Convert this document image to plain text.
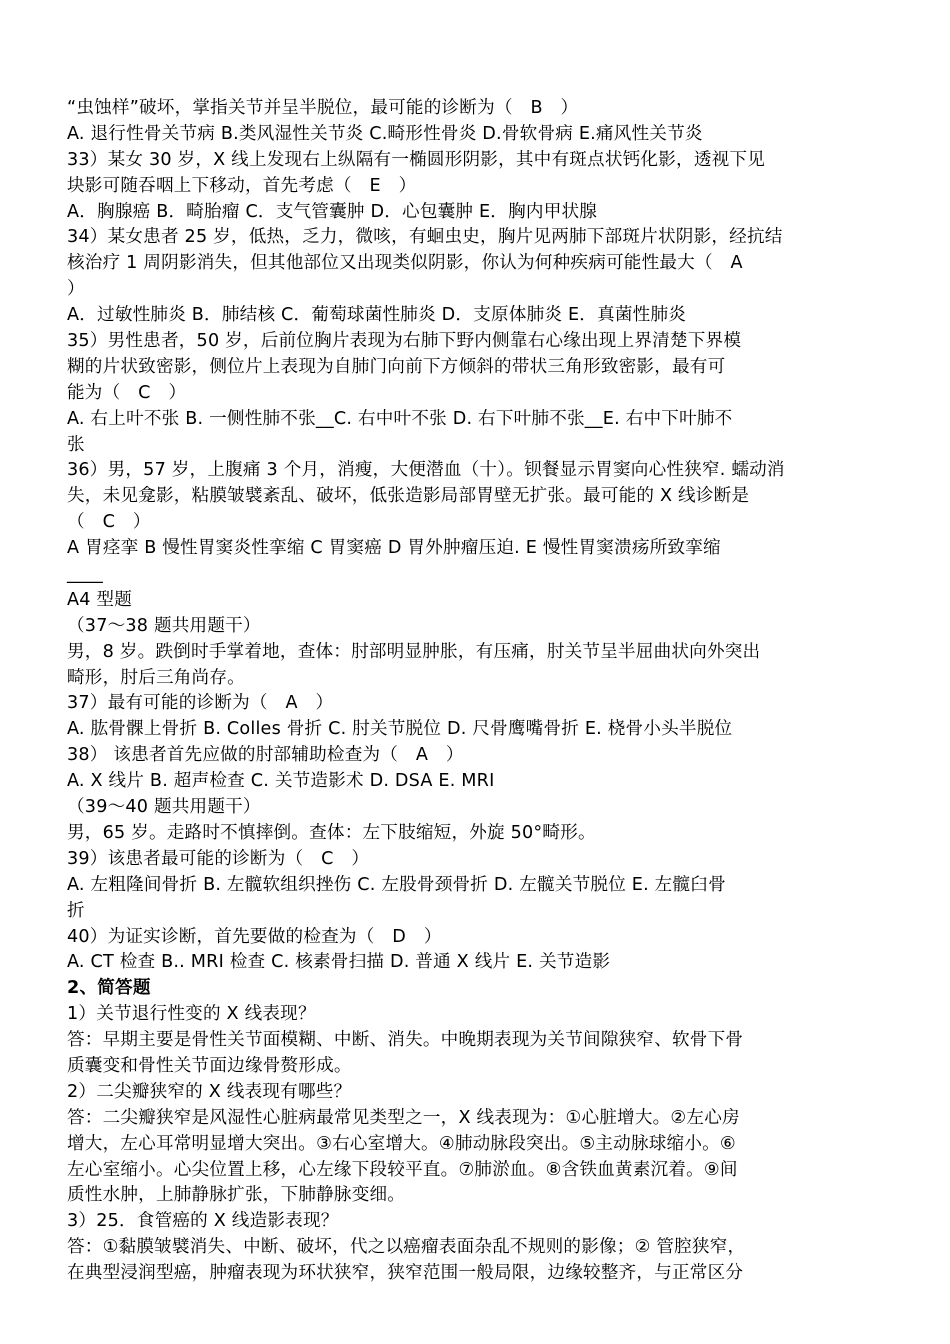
“虫蚀样”破坏，掌指关节并呈半脱位，最可能的诊断为（　B　）
A. 退行性骨关节病 B.类风湿性关节炎 C.畸形性骨炎 D.骨软骨病 E.痛风性关节炎
33）某女 30 岁，X 线上发现右上纵隔有一椭圆形阴影，其中有斑点状钙化影，透视下见
块影可随吞咽上下移动，首先考虑（　E　）
A．胸腺癌 B．畸胎瘤 C．支气管囊肿 D．心包囊肿 E．胸内甲状腺
34）某女患者 25 岁，低热，乏力，微咳，有蛔虫史，胸片见两肺下部斑片状阴影，经抗结
核治疗 1 周阴影消失，但其他部位又出现类似阴影，你认为何种疾病可能性最大（　A
）
A．过敏性肺炎 B．肺结核 C．葡萄球菌性肺炎 D．支原体肺炎 E．真菌性肺炎
35）男性患者，50 岁，后前位胸片表现为右肺下野内侧靠右心缘出现上界清楚下界模
糊的片状致密影，侧位片上表现为自肺门向前下方倾斜的带状三角形致密影，最有可
能为（　C　）
A. 右上叶不张 B. 一侧性肺不张__C. 右中叶不张 D. 右下叶肺不张__E. 右中下叶肺不
张
36）男，57 岁，上腹痛 3 个月，消瘦，大便潜血（十）。钡餐显示胃窦向心性狭窄. 蠕动消
失，未见龛影，粘膜皱襞紊乱、破坏，低张造影局部胃壁无扩张。最可能的 X 线诊断是
（　C　）
A 胃痉挛 B 慢性胃窦炎性挛缩 C 胃窦癌 D 胃外肿瘤压迫. E 慢性胃窦溃疡所致挛缩
____
A4 型题
（37～38 题共用题干）
男，8 岁。跌倒时手掌着地，查体：肘部明显肿胀，有压痛，肘关节呈半屈曲状向外突出
畸形，肘后三角尚存。
37）最有可能的诊断为（　A　）
A. 肱骨髁上骨折 B. Colles 骨折 C. 肘关节脱位 D. 尺骨鹰嘴骨折 E. 桡骨小头半脱位
38） 该患者首先应做的肘部辅助检查为（　A　）
A. X 线片 B. 超声检查 C. 关节造影术 D. DSA E. MRI
（39～40 题共用题干）
男，65 岁。走路时不慎摔倒。查体：左下肢缩短，外旋 50°畸形。
39）该患者最可能的诊断为（　C　）
A. 左粗隆间骨折 B. 左髋软组织挫伤 C. 左股骨颈骨折 D. 左髋关节脱位 E. 左髋臼骨
折
40）为证实诊断，首先要做的检查为（　D　）
A. CT 检查 B.. MRI 检查 C. 核素骨扫描 D. 普通 X 线片 E. 关节造影
2、简答题
1）关节退行性变的 X 线表现？
答：早期主要是骨性关节面模糊、中断、消失。中晚期表现为关节间隙狭窄、软骨下骨
质囊变和骨性关节面边缘骨赘形成。
2）二尖瓣狭窄的 X 线表现有哪些？
答：二尖瓣狭窄是风湿性心脏病最常见类型之一，X 线表现为：①心脏增大。②左心房
增大，左心耳常明显增大突出。③右心室增大。④肺动脉段突出。⑤主动脉球缩小。⑥
左心室缩小。心尖位置上移，心左缘下段较平直。⑦肺淤血。⑧含铁血黄素沉着。⑨间
质性水肿，上肺静脉扩张，下肺静脉变细。
3）25．食管癌的 X 线造影表现？
答：①黏膜皱襞消失、中断、破坏，代之以癌瘤表面杂乱不规则的影像；② 管腔狭窄，
在典型浸润型癌，肿瘤表现为环状狭窄，狭窄范围一般局限，边缘较整齐，与正常区分
